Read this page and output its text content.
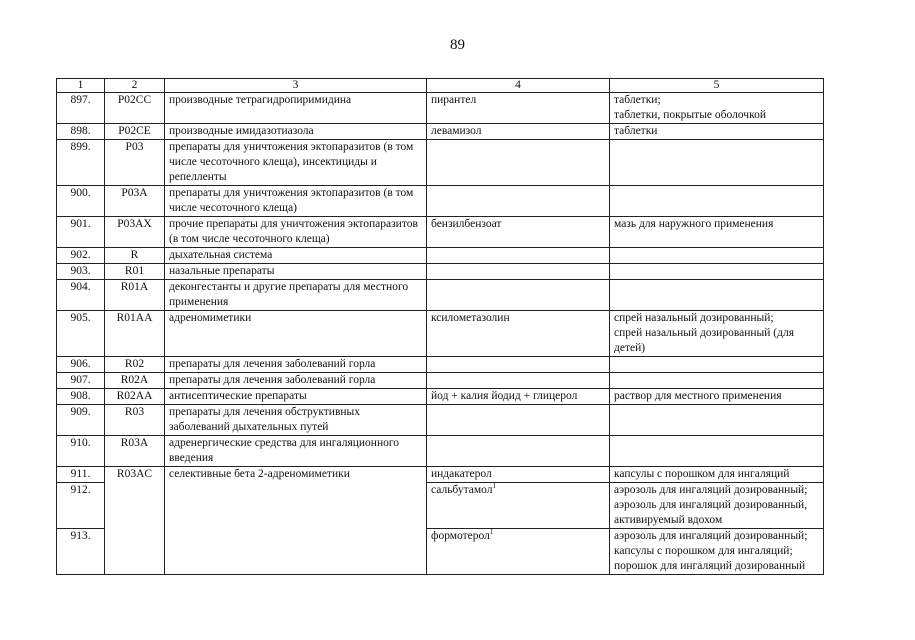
89
1	2	3	4	5
897.	P02CC	производные тетрагидропиримидина	пирантел	таблетки;
таблетки, покрытые оболочкой

898.	P02CE	производные имидазотиазола	левамизол	таблетки

899.	P03	препараты для уничтожения эктопаразитов (в том числе чесоточного клеща), инсектициды и репелленты		
900.	P03A	препараты для уничтожения эктопаразитов (в том числе чесоточного клеща)		
901.	P03AX	прочие препараты для уничтожения эктопаразитов (в том числе чесоточного клеща)	бензилбензоат	мазь для наружного применения

902.	R	дыхательная система		
903.	R01	назальные препараты		
904.	R01A	деконгестанты и другие препараты для местного применения		
905.	R01AA	адреномиметики	ксилометазолин	спрей назальный дозированный;
спрей назальный дозированный (для детей)

906.	R02	препараты для лечения заболеваний горла		
907.	R02A	препараты для лечения заболеваний горла		
908.	R02AA	антисептические препараты	йод + калия йодид + глицерол	раствор для местного применения

909.	R03	препараты для лечения обструктивных заболеваний дыхательных путей		
910.	R03A	адренергические средства для ингаляционного введения		
911.	R03AC	селективные бета 2-адреномиметики	индакатерол	капсулы с порошком для ингаляций

912.			сальбутамол$^1$	аэрозоль для ингаляций дозированный;
аэрозоль для ингаляций дозированный, активируемый вдохом

913.			формотерол$^1$	аэрозоль для ингаляций дозированный;
капсулы с порошком для ингаляций;
порошок для ингаляций дозированный
